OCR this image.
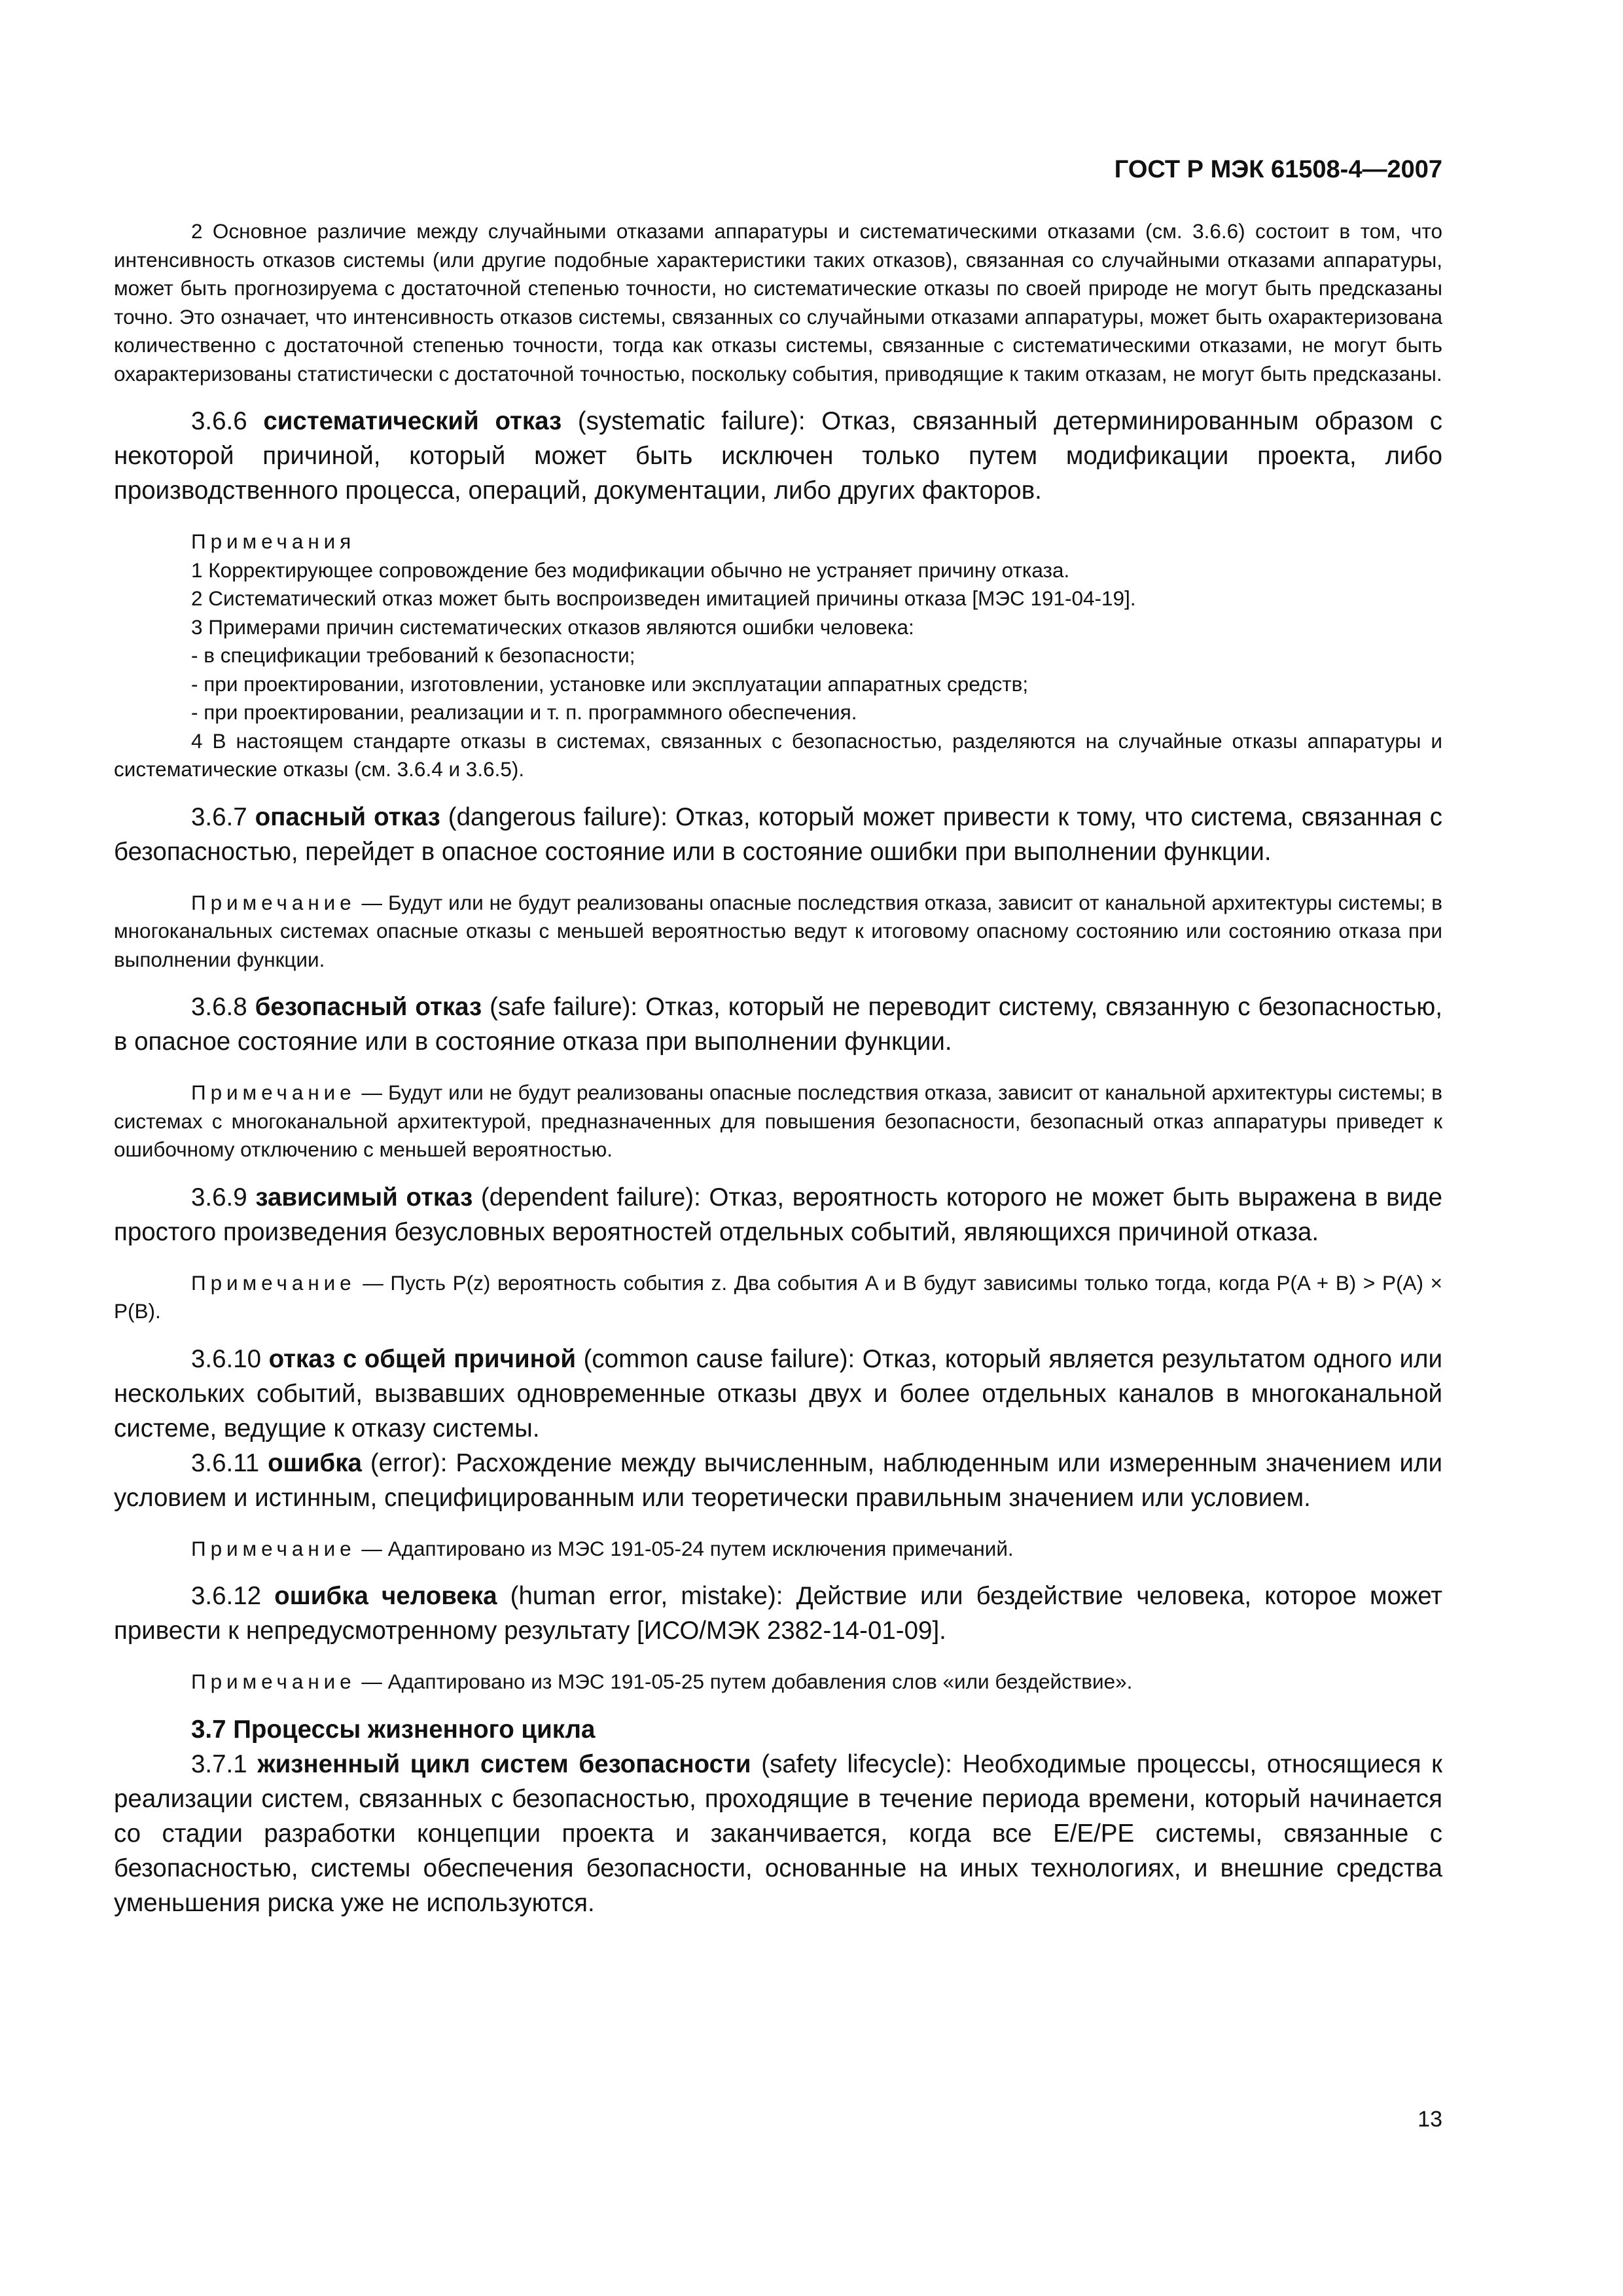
ГОСТ Р МЭК 61508-4—2007

2 Основное различие между случайными отказами аппаратуры и систематическими отказами (см. 3.6.6) состоит в том, что интенсивность отказов системы (или другие подобные характеристики таких отказов), связанная со случайными отказами аппаратуры, может быть прогнозируема с достаточной степенью точности, но систематические отказы по своей природе не могут быть предсказаны точно. Это означает, что интенсивность отказов системы, связанных со случайными отказами аппаратуры, может быть охарактеризована количественно с достаточной степенью точности, тогда как отказы системы, связанные с систематическими отказами, не могут быть охарактеризованы статистически с достаточной точностью, поскольку события, приводящие к таким отказам, не могут быть предсказаны.

3.6.6 систематический отказ (systematic failure): Отказ, связанный детерминированным образом с некоторой причиной, который может быть исключен только путем модификации проекта, либо производственного процесса, операций, документации, либо других факторов.

Примечания

1 Корректирующее сопровождение без модификации обычно не устраняет причину отказа.

2 Систематический отказ может быть воспроизведен имитацией причины отказа [МЭС 191-04-19].

3 Примерами причин систематических отказов являются ошибки человека:

- в спецификации требований к безопасности;

- при проектировании, изготовлении, установке или эксплуатации аппаратных средств;

- при проектировании, реализации и т. п. программного обеспечения.

4 В настоящем стандарте отказы в системах, связанных с безопасностью, разделяются на случайные отказы аппаратуры и систематические отказы (см. 3.6.4 и 3.6.5).

3.6.7 опасный отказ (dangerous failure): Отказ, который может привести к тому, что система, связанная с безопасностью, перейдет в опасное состояние или в состояние ошибки при выполнении функции.

Примечание — Будут или не будут реализованы опасные последствия отказа, зависит от канальной архитектуры системы; в многоканальных системах опасные отказы с меньшей вероятностью ведут к итоговому опасному состоянию или состоянию отказа при выполнении функции.

3.6.8 безопасный отказ (safe failure): Отказ, который не переводит систему, связанную с безопасностью, в опасное состояние или в состояние отказа при выполнении функции.

Примечание — Будут или не будут реализованы опасные последствия отказа, зависит от канальной архитектуры системы; в системах с многоканальной архитектурой, предназначенных для повышения безопасности, безопасный отказ аппаратуры приведет к ошибочному отключению с меньшей вероятностью.

3.6.9 зависимый отказ (dependent failure): Отказ, вероятность которого не может быть выражена в виде простого произведения безусловных вероятностей отдельных событий, являющихся причиной отказа.

Примечание — Пусть P(z) вероятность события z. Два события A и B будут зависимы только тогда, когда P(A + B) > P(A) × P(B).

3.6.10 отказ с общей причиной (common cause failure): Отказ, который является результатом одного или нескольких событий, вызвавших одновременные отказы двух и более отдельных каналов в многоканальной системе, ведущие к отказу системы.

3.6.11 ошибка (error): Расхождение между вычисленным, наблюденным или измеренным значением или условием и истинным, специфицированным или теоретически правильным значением или условием.

Примечание — Адаптировано из МЭС 191-05-24 путем исключения примечаний.

3.6.12 ошибка человека (human error, mistake): Действие или бездействие человека, которое может привести к непредусмотренному результату [ИСО/МЭК 2382-14-01-09].

Примечание — Адаптировано из МЭС 191-05-25 путем добавления слов «или бездействие».

3.7 Процессы жизненного цикла

3.7.1 жизненный цикл систем безопасности (safety lifecycle): Необходимые процессы, относящиеся к реализации систем, связанных с безопасностью, проходящие в течение периода времени, который начинается со стадии разработки концепции проекта и заканчивается, когда все E/E/PE системы, связанные с безопасностью, системы обеспечения безопасности, основанные на иных технологиях, и внешние средства уменьшения риска уже не используются.

13
